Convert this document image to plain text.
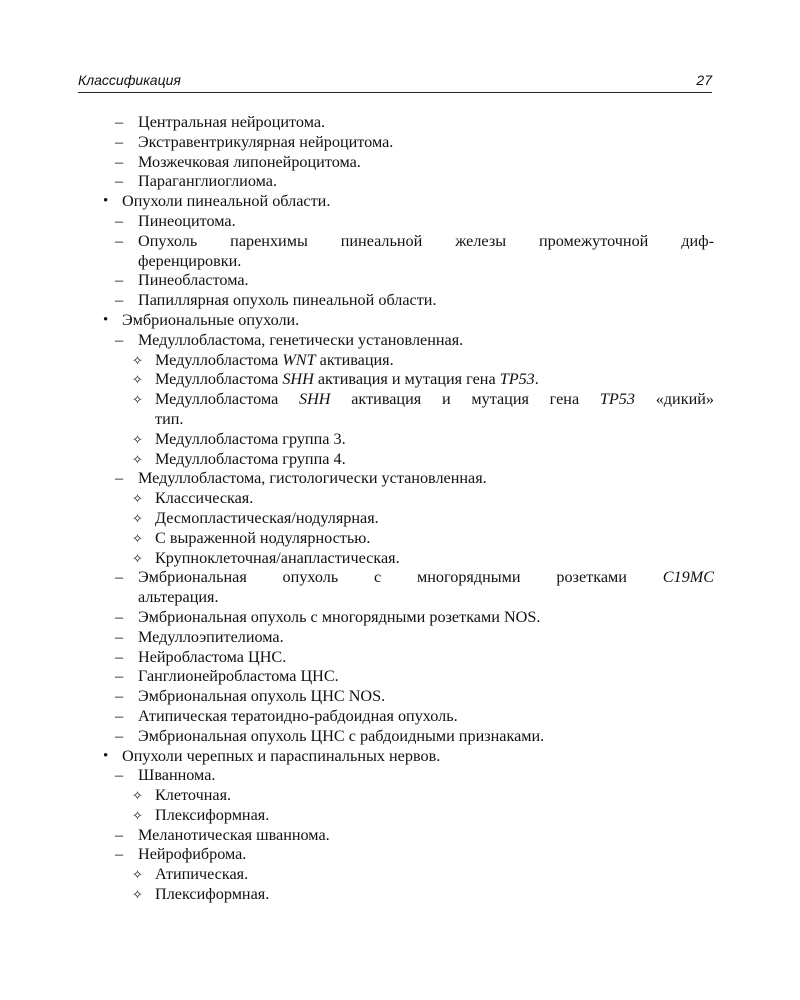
Классификация	27
– Центральная нейроцитома.
– Экстравентрикулярная нейроцитома.
– Мозжечковая липонейроцитома.
– Параганглиоглиома.
• Опухоли пинеальной области.
– Пинеоцитома.
– Опухоль паренхимы пинеальной железы промежуточной диф-
ференцировки.
– Пинеобластома.
– Папиллярная опухоль пинеальной области.
• Эмбриональные опухоли.
– Медуллобластома, генетически установленная.
✧ Медуллобластома WNT активация.
✧ Медуллобластома SHH активация и мутация гена TP53.
✧ Медуллобластома SHH активация и мутация гена TP53 «дикий»
тип.
✧ Медуллобластома группа 3.
✧ Медуллобластома группа 4.
– Медуллобластома, гистологически установленная.
✧ Классическая.
✧ Десмопластическая/нодулярная.
✧ С выраженной нодулярностью.
✧ Крупноклеточная/анапластическая.
– Эмбриональная опухоль с многорядными розетками C19MC
альтерация.
– Эмбриональная опухоль с многорядными розетками NOS.
– Медуллоэпителиома.
– Нейробластома ЦНС.
– Ганглионейробластома ЦНС.
– Эмбриональная опухоль ЦНС NOS.
– Атипическая тератоидно-рабдоидная опухоль.
– Эмбриональная опухоль ЦНС с рабдоидными признаками.
• Опухоли черепных и параспинальных нервов.
– Шваннома.
✧ Клеточная.
✧ Плексиформная.
– Меланотическая шваннома.
– Нейрофиброма.
✧ Атипическая.
✧ Плексиформная.
